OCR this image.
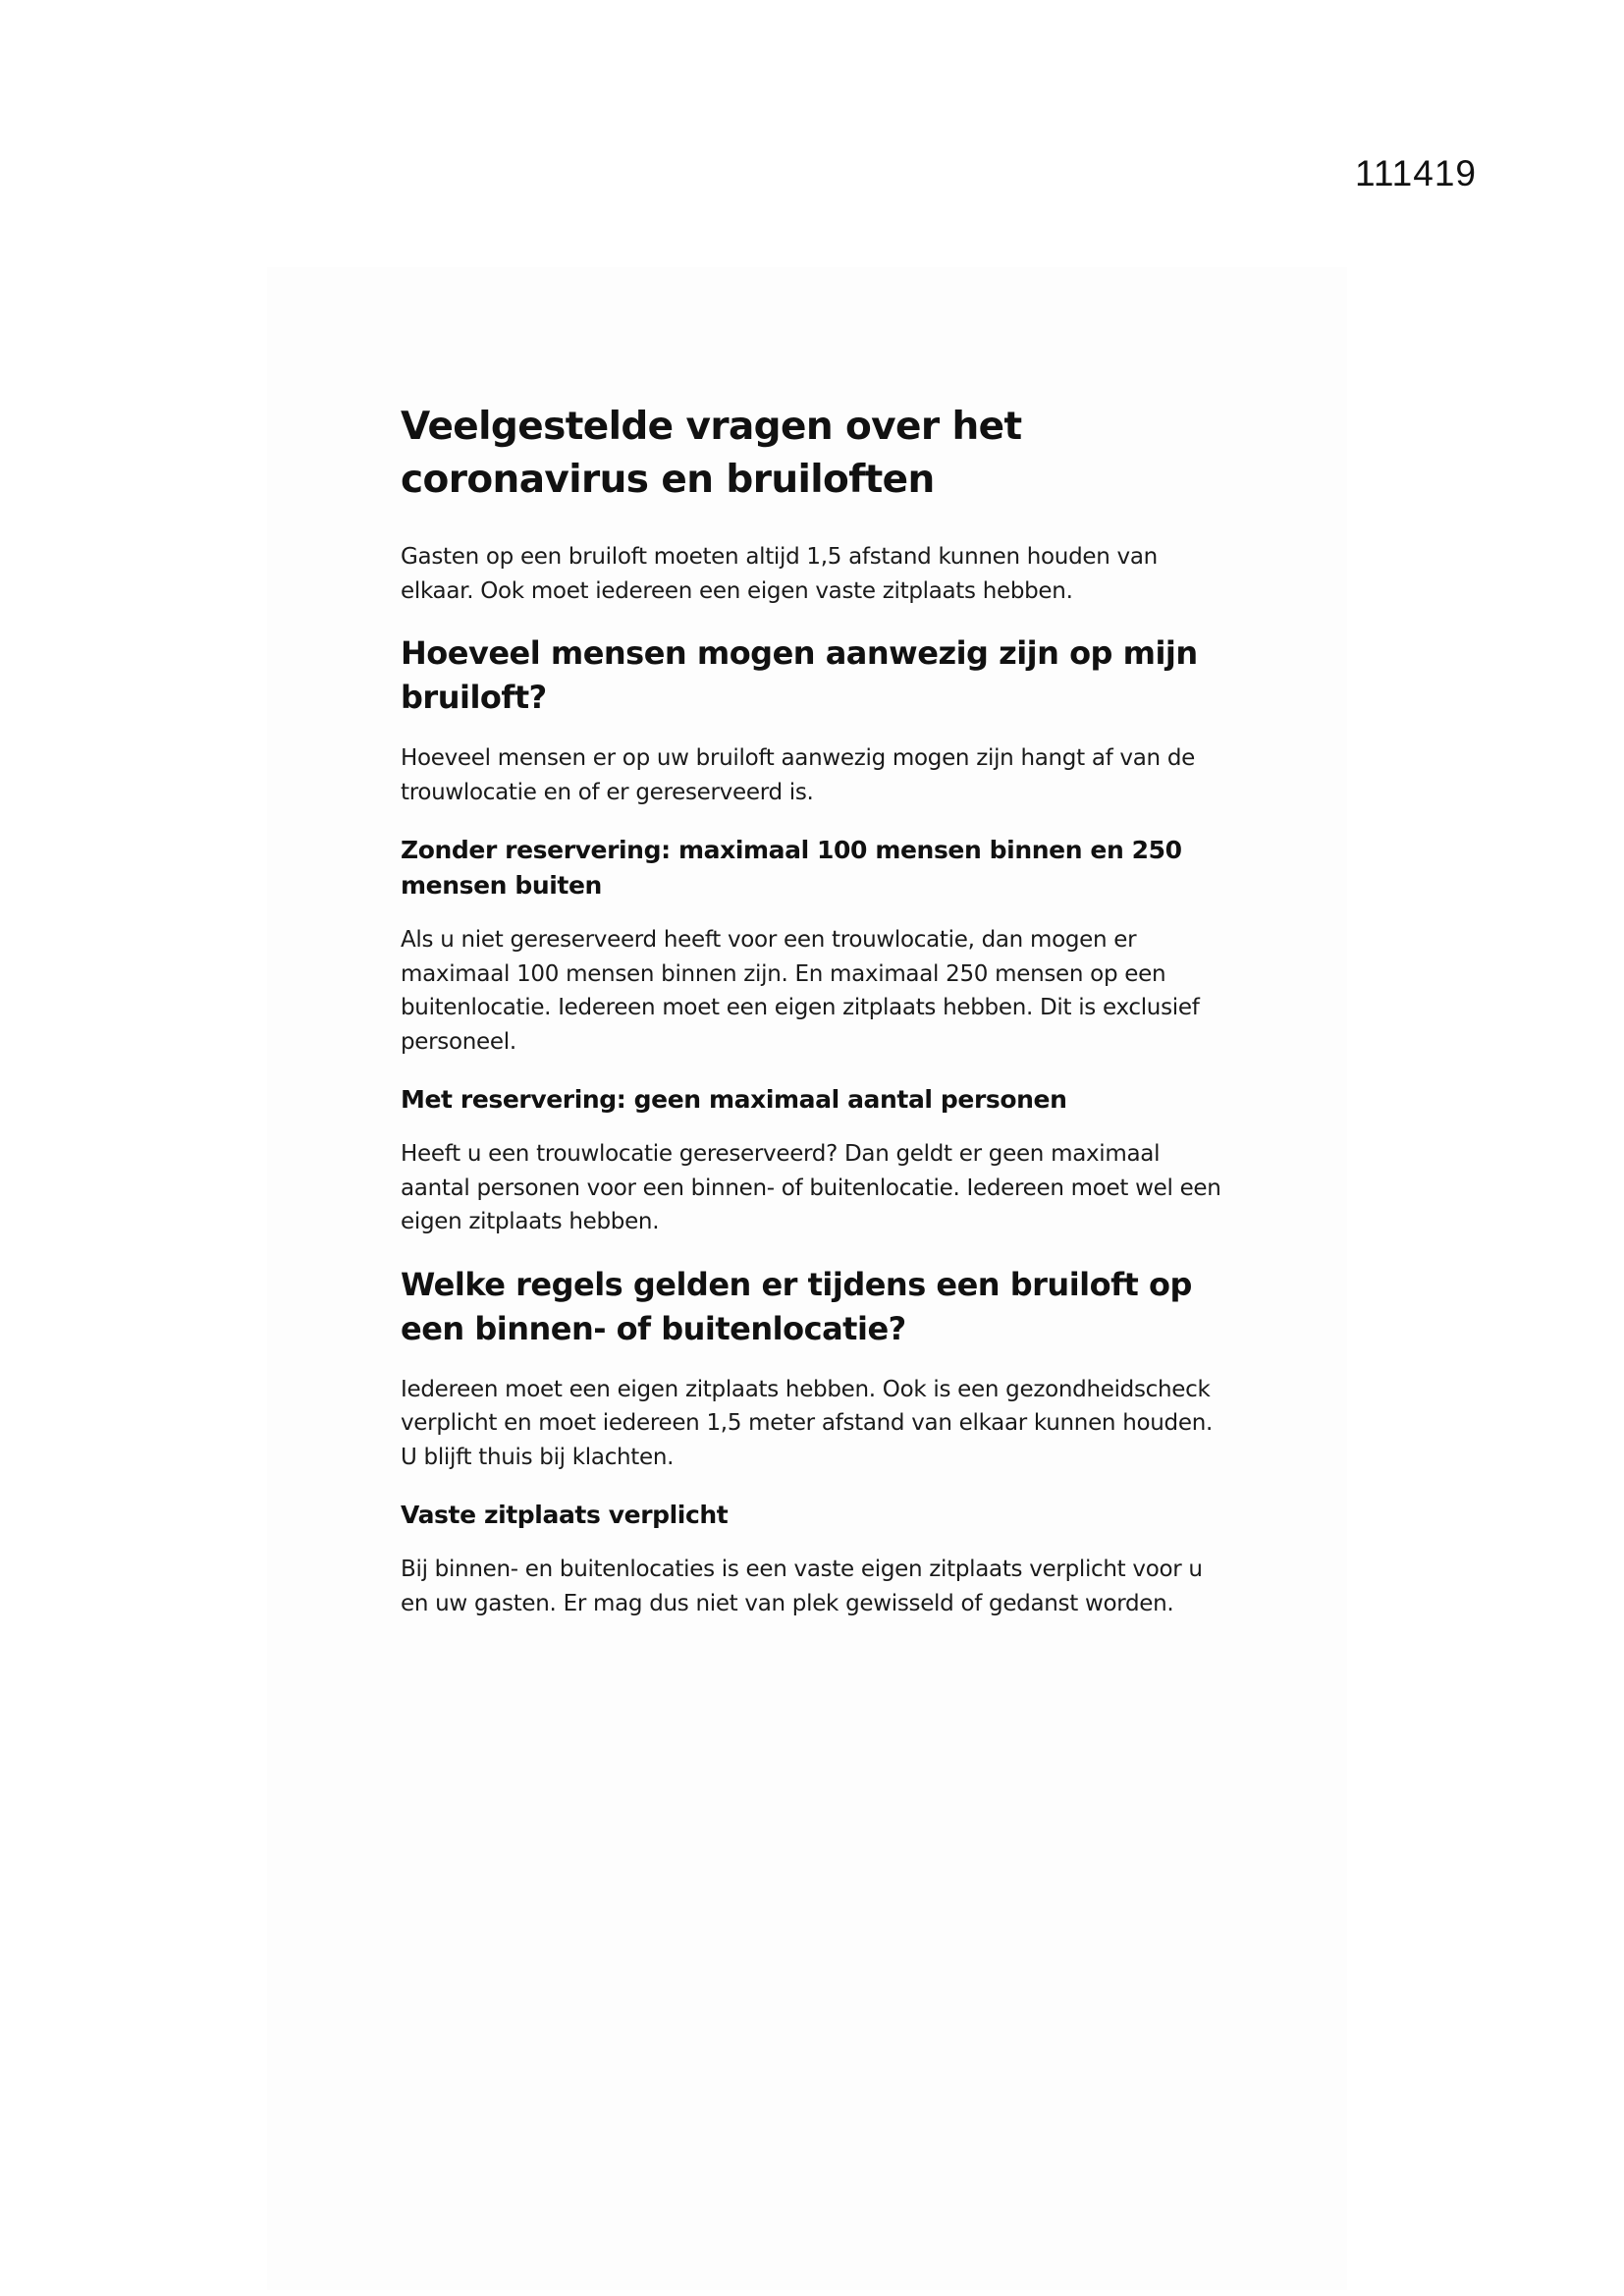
111419
Veelgestelde vragen over het coronavirus en bruiloften

Gasten op een bruiloft moeten altijd 1,5 afstand kunnen houden van elkaar. Ook moet iedereen een eigen vaste zitplaats hebben.

Hoeveel mensen mogen aanwezig zijn op mijn bruiloft?

Hoeveel mensen er op uw bruiloft aanwezig mogen zijn hangt af van de trouwlocatie en of er gereserveerd is.

Zonder reservering: maximaal 100 mensen binnen en 250 mensen buiten

Als u niet gereserveerd heeft voor een trouwlocatie, dan mogen er maximaal 100 mensen binnen zijn. En maximaal 250 mensen op een buitenlocatie. Iedereen moet een eigen zitplaats hebben. Dit is exclusief personeel.

Met reservering: geen maximaal aantal personen

Heeft u een trouwlocatie gereserveerd? Dan geldt er geen maximaal aantal personen voor een binnen- of buitenlocatie. Iedereen moet wel een eigen zitplaats hebben.

Welke regels gelden er tijdens een bruiloft op een binnen- of buitenlocatie?

Iedereen moet een eigen zitplaats hebben. Ook is een gezondheidscheck verplicht en moet iedereen 1,5 meter afstand van elkaar kunnen houden. U blijft thuis bij klachten.

Vaste zitplaats verplicht

Bij binnen- en buitenlocaties is een vaste eigen zitplaats verplicht voor u en uw gasten. Er mag dus niet van plek gewisseld of gedanst worden.
